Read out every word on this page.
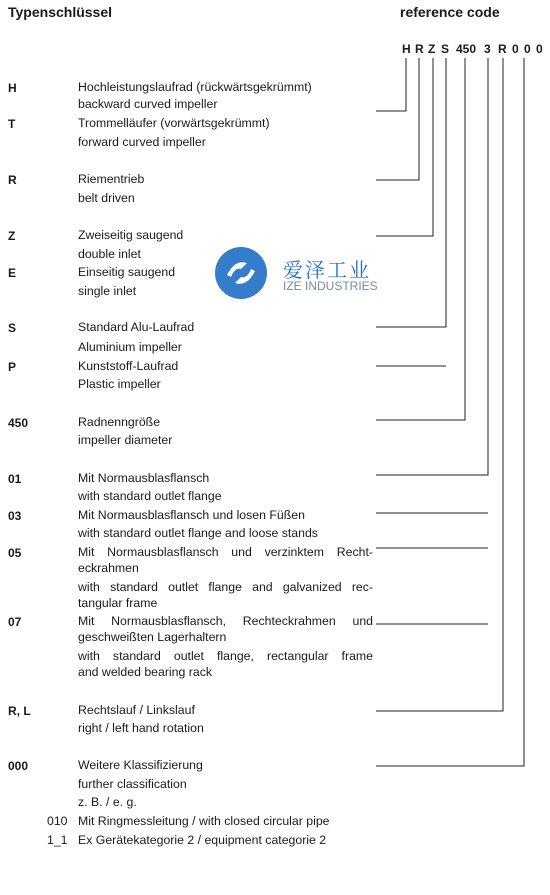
Typenschlüssel	reference code
H R Z S 450 3 R 0 0 0
H	Hochleistungslaufrad (rückwärtsgekrümmt)
backward curved impeller
T	Trommelläufer (vorwärtsgekrümmt)
forward curved impeller
R	Riementrieb
belt driven
Z	Zweiseitig saugend
double inlet
E	Einseitig saugend
single inlet
S	Standard Alu-Laufrad
Aluminium impeller
P	Kunststoff-Laufrad
Plastic impeller
450	Radnenngröße
impeller diameter
01	Mit Normausblasflansch
with standard outlet flange
03	Mit Normausblasflansch und losen Füßen
with standard outlet flange and loose stands
05	Mit Normausblasflansch und verzinktem Recht-
eckrahmen
with standard outlet flange and galvanized rec-
tangular frame
07	Mit Normausblasflansch, Rechteckrahmen und
geschweißten Lagerhaltern
with standard outlet flange, rectangular frame
and welded bearing rack
R, L	Rechtslauf / Linkslauf
right / left hand rotation
000	Weitere Klassifizierung
further classification
z. B. / e. g.
010 Mit Ringmessleitung / with closed circular pipe
1_1 Ex Gerätekategorie 2 / equipment categorie 2
爱泽工业
IZE INDUSTRIES
